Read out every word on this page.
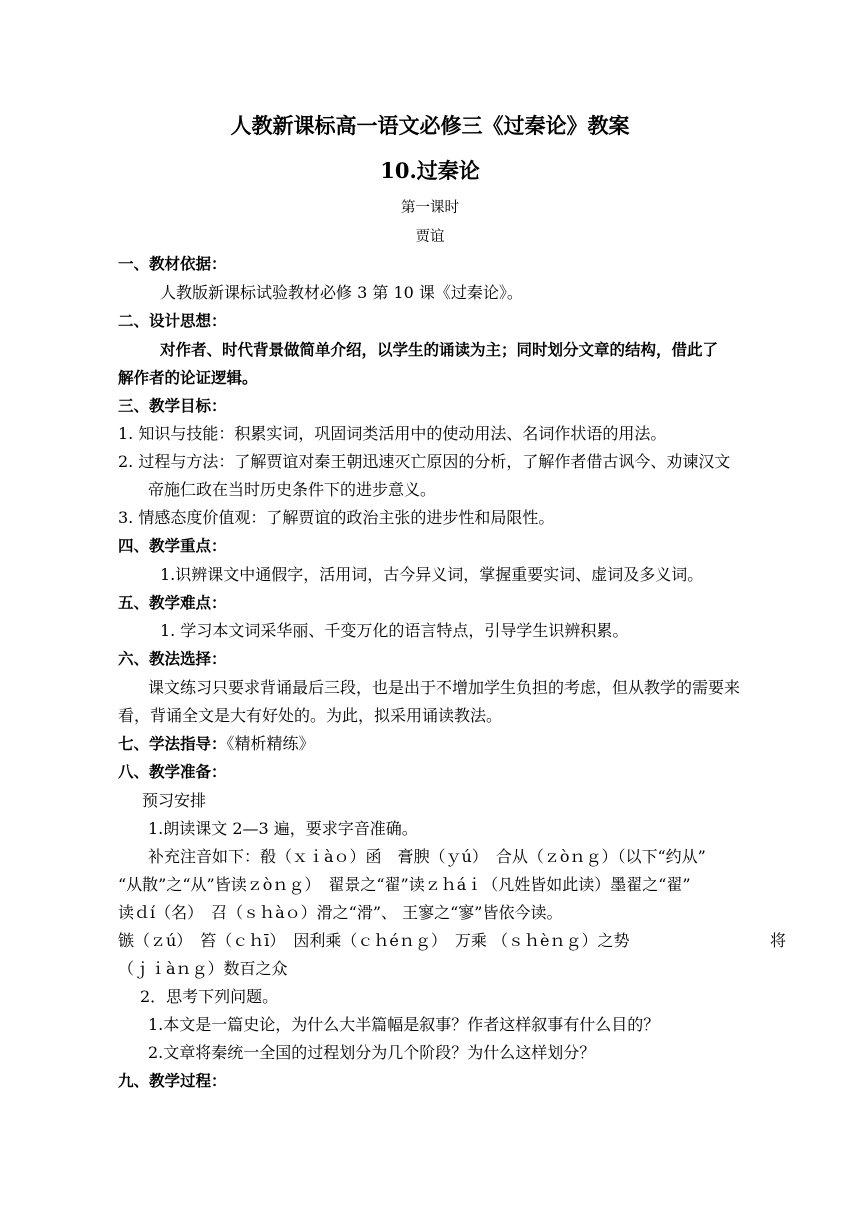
人教新课标高一语文必修三《过秦论》教案
10.过秦论
第一课时
贾谊
一、教材依据：
人教版新课标试验教材必修 3 第 10 课《过秦论》。
二、设计思想：
对作者、时代背景做简单介绍，以学生的诵读为主；同时划分文章的结构，借此了
解作者的论证逻辑。
三、教学目标：
1. 知识与技能：积累实词，巩固词类活用中的使动用法、名词作状语的用法。
2. 过程与方法：了解贾谊对秦王朝迅速灭亡原因的分析，了解作者借古讽今、劝谏汉文
帝施仁政在当时历史条件下的进步意义。
3. 情感态度价值观：了解贾谊的政治主张的进步性和局限性。
四、教学重点：
1.识辨课文中通假字，活用词，古今异义词，掌握重要实词、虚词及多义词。
五、教学难点：
1. 学习本文词采华丽、千变万化的语言特点，引导学生识辨积累。
六、教法选择：
课文练习只要求背诵最后三段，也是出于不增加学生负担的考虑，但从教学的需要来
看，背诵全文是大有好处的。为此，拟采用诵读教法。
七、学法指导：《精析精练》
八、教学准备：
预习安排
1.朗读课文 2—3 遍，要求字音准确。
补充注音如下：殽（ｘｉàｏ）函　膏腴（ｙú）　合从（ｚòｎｇ）（以下“约从”
“从散”之“从”皆读ｚòｎｇ）　翟景之“翟”读ｚｈáｉ（凡姓皆如此读）墨翟之“翟”
读ｄí（名）　召（ｓｈàｏ）滑之“滑”、 王寥之“寥”皆依今读。
镞（ｚú）　笞（ｃｈī）　因利乘（ｃｈéｎｇ）　万乘 （ｓｈèｎｇ）之势	将
（ｊｉàｎｇ）数百之众
2．思考下列问题。
1.本文是一篇史论，为什么大半篇幅是叙事？作者这样叙事有什么目的？
2.文章将秦统一全国的过程划分为几个阶段？为什么这样划分？
九、教学过程：
